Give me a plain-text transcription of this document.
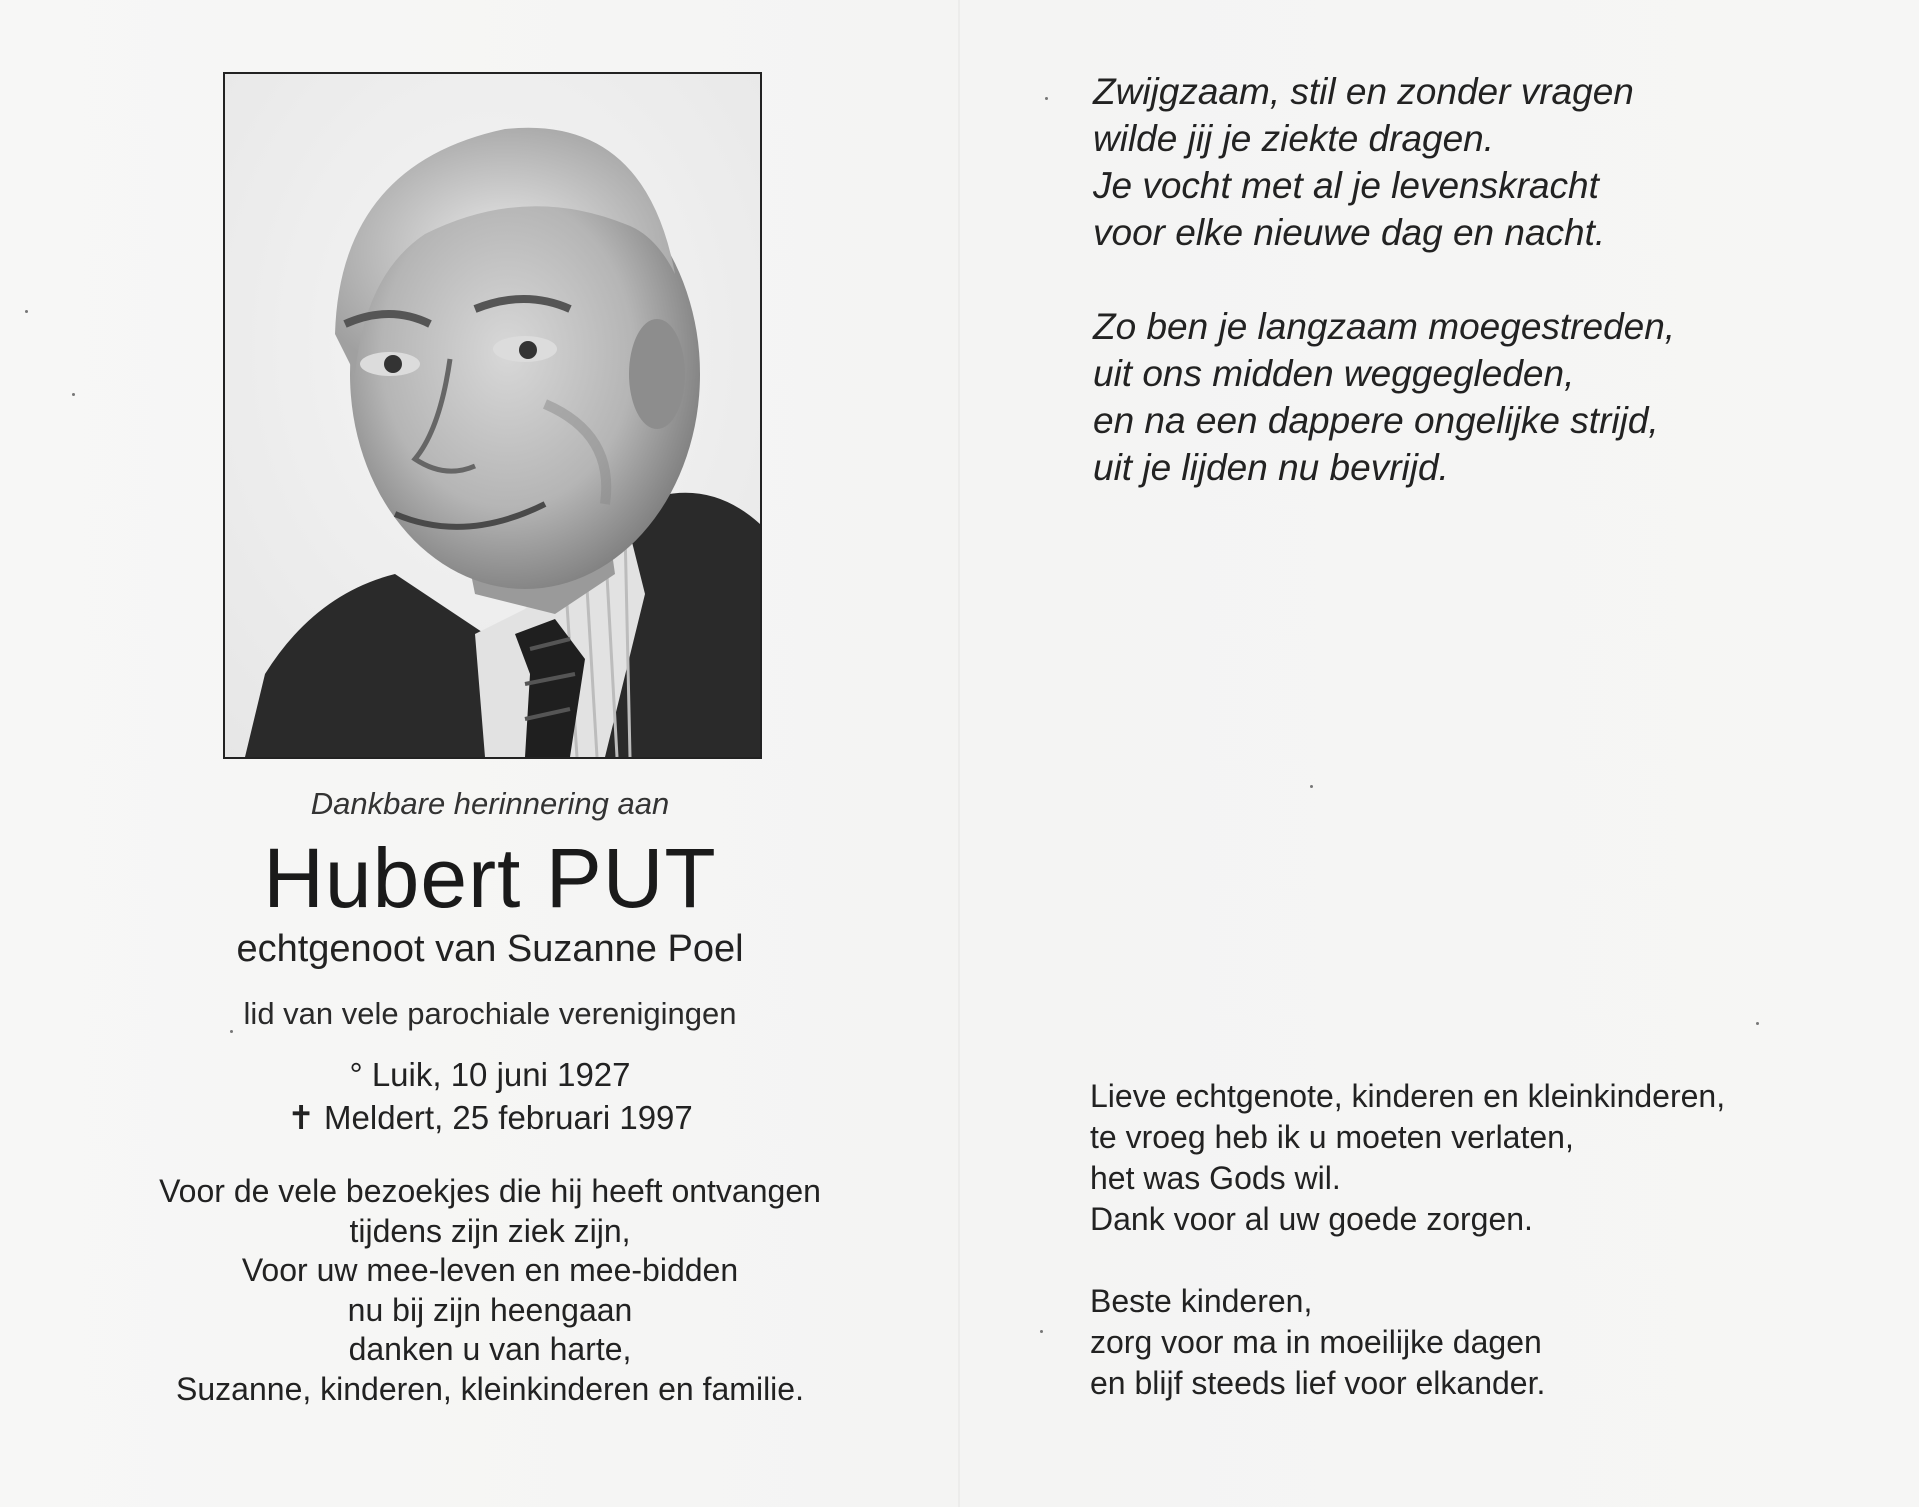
Dankbare herinnering aan
Hubert PUT
echtgenoot van Suzanne Poel
lid van vele parochiale verenigingen
° Luik, 10 juni 1927
✝ Meldert, 25 februari 1997
Voor de vele bezoekjes die hij heeft ontvangen
tijdens zijn ziek zijn,
Voor uw mee-leven en mee-bidden
nu bij zijn heengaan
danken u van harte,
Suzanne, kinderen, kleinkinderen en familie.
Zwijgzaam, stil en zonder vragen
wilde jij je ziekte dragen.
Je vocht met al je levenskracht
voor elke nieuwe dag en nacht.
Zo ben je langzaam moegestreden,
uit ons midden weggegleden,
en na een dappere ongelijke strijd,
uit je lijden nu bevrijd.
Lieve echtgenote, kinderen en kleinkinderen,
te vroeg heb ik u moeten verlaten,
het was Gods wil.
Dank voor al uw goede zorgen.
Beste kinderen,
zorg voor ma in moeilijke dagen
en blijf steeds lief voor elkander.
